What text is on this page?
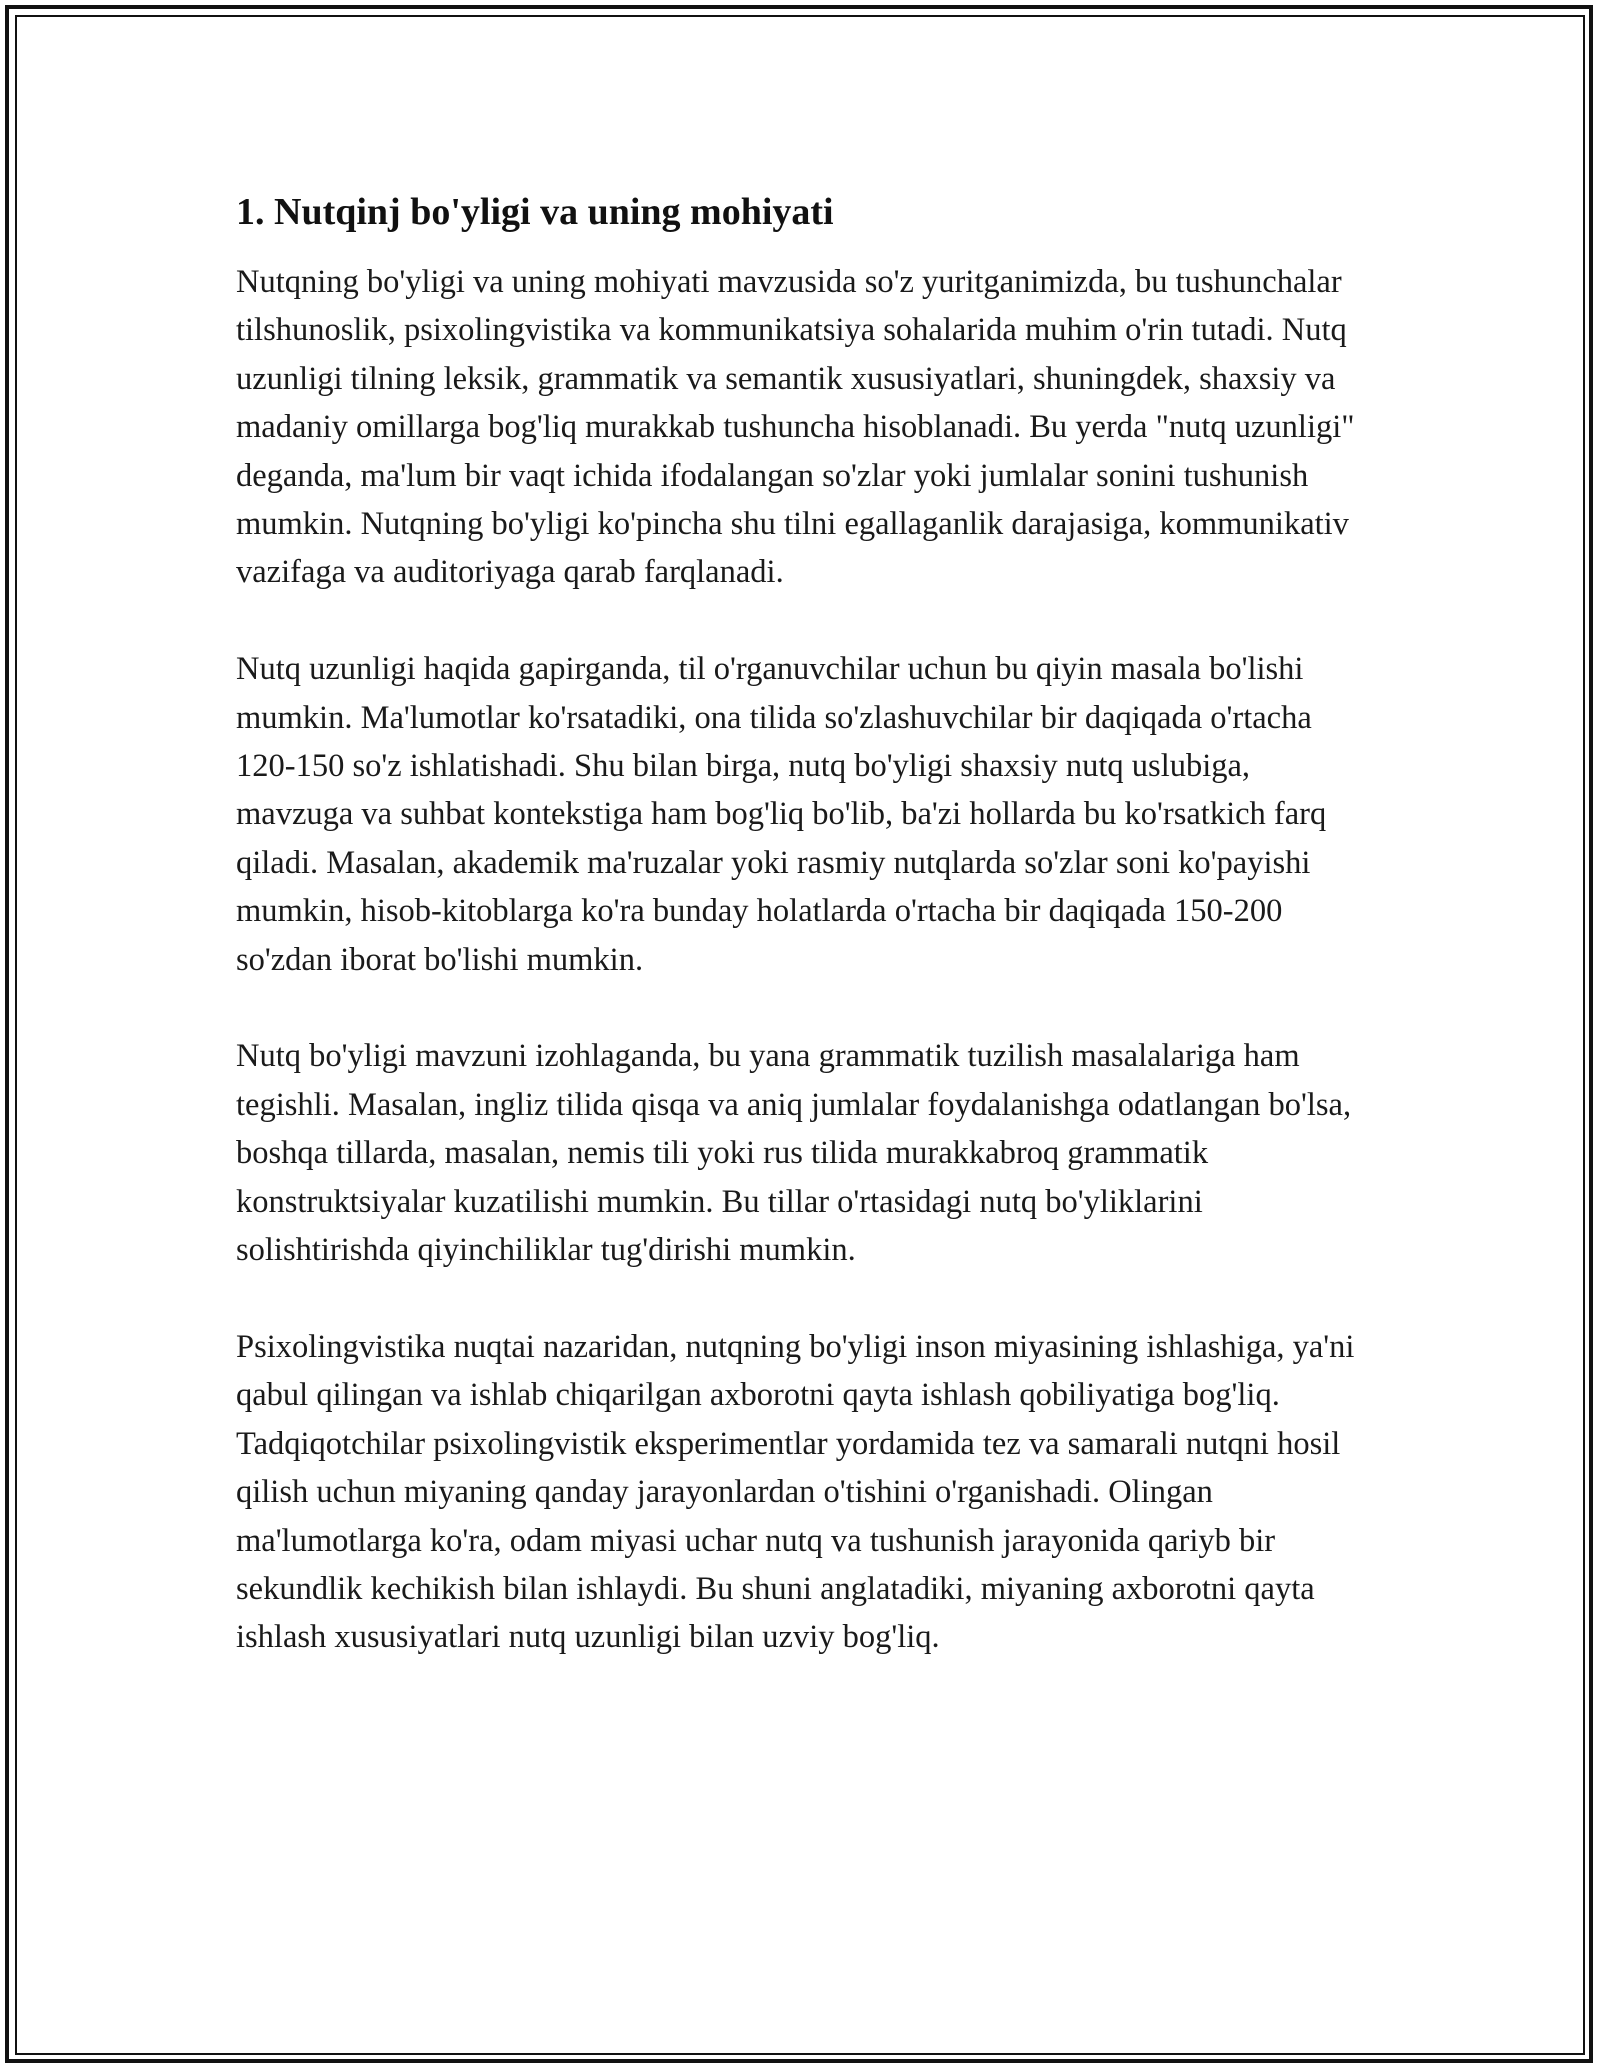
1. Nutqinj bo'yligi va uning mohiyati

Nutqning bo'yligi va uning mohiyati mavzusida so'z yuritganimizda, bu tushunchalar tilshunoslik, psixolingvistika va kommunikatsiya sohalarida muhim o'rin tutadi. Nutq uzunligi tilning leksik, grammatik va semantik xususiyatlari, shuningdek, shaxsiy va madaniy omillarga bog'liq murakkab tushuncha hisoblanadi. Bu yerda "nutq uzunligi" deganda, ma'lum bir vaqt ichida ifodalangan so'zlar yoki jumlalar sonini tushunish mumkin. Nutqning bo'yligi ko'pincha shu tilni egallaganlik darajasiga, kommunikativ vazifaga va auditoriyaga qarab farqlanadi.

Nutq uzunligi haqida gapirganda, til o'rganuvchilar uchun bu qiyin masala bo'lishi mumkin. Ma'lumotlar ko'rsatadiki, ona tilida so'zlashuvchilar bir daqiqada o'rtacha 120-150 so'z ishlatishadi. Shu bilan birga, nutq bo'yligi shaxsiy nutq uslubiga, mavzuga va suhbat kontekstiga ham bog'liq bo'lib, ba'zi hollarda bu ko'rsatkich farq qiladi. Masalan, akademik ma'ruzalar yoki rasmiy nutqlarda so'zlar soni ko'payishi mumkin, hisob-kitoblarga ko'ra bunday holatlarda o'rtacha bir daqiqada 150-200 so'zdan iborat bo'lishi mumkin.

Nutq bo'yligi mavzuni izohlaganda, bu yana grammatik tuzilish masalalariga ham tegishli. Masalan, ingliz tilida qisqa va aniq jumlalar foydalanishga odatlangan bo'lsa, boshqa tillarda, masalan, nemis tili yoki rus tilida murakkabroq grammatik konstruktsiyalar kuzatilishi mumkin. Bu tillar o'rtasidagi nutq bo'yliklarini solishtirishda qiyinchiliklar tug'dirishi mumkin.

Psixolingvistika nuqtai nazaridan, nutqning bo'yligi inson miyasining ishlashiga, ya'ni qabul qilingan va ishlab chiqarilgan axborotni qayta ishlash qobiliyatiga bog'liq. Tadqiqotchilar psixolingvistik eksperimentlar yordamida tez va samarali nutqni hosil qilish uchun miyaning qanday jarayonlardan o'tishini o'rganishadi. Olingan ma'lumotlarga ko'ra, odam miyasi uchar nutq va tushunish jarayonida qariyb bir sekundlik kechikish bilan ishlaydi. Bu shuni anglatadiki, miyaning axborotni qayta ishlash xususiyatlari nutq uzunligi bilan uzviy bog'liq.
